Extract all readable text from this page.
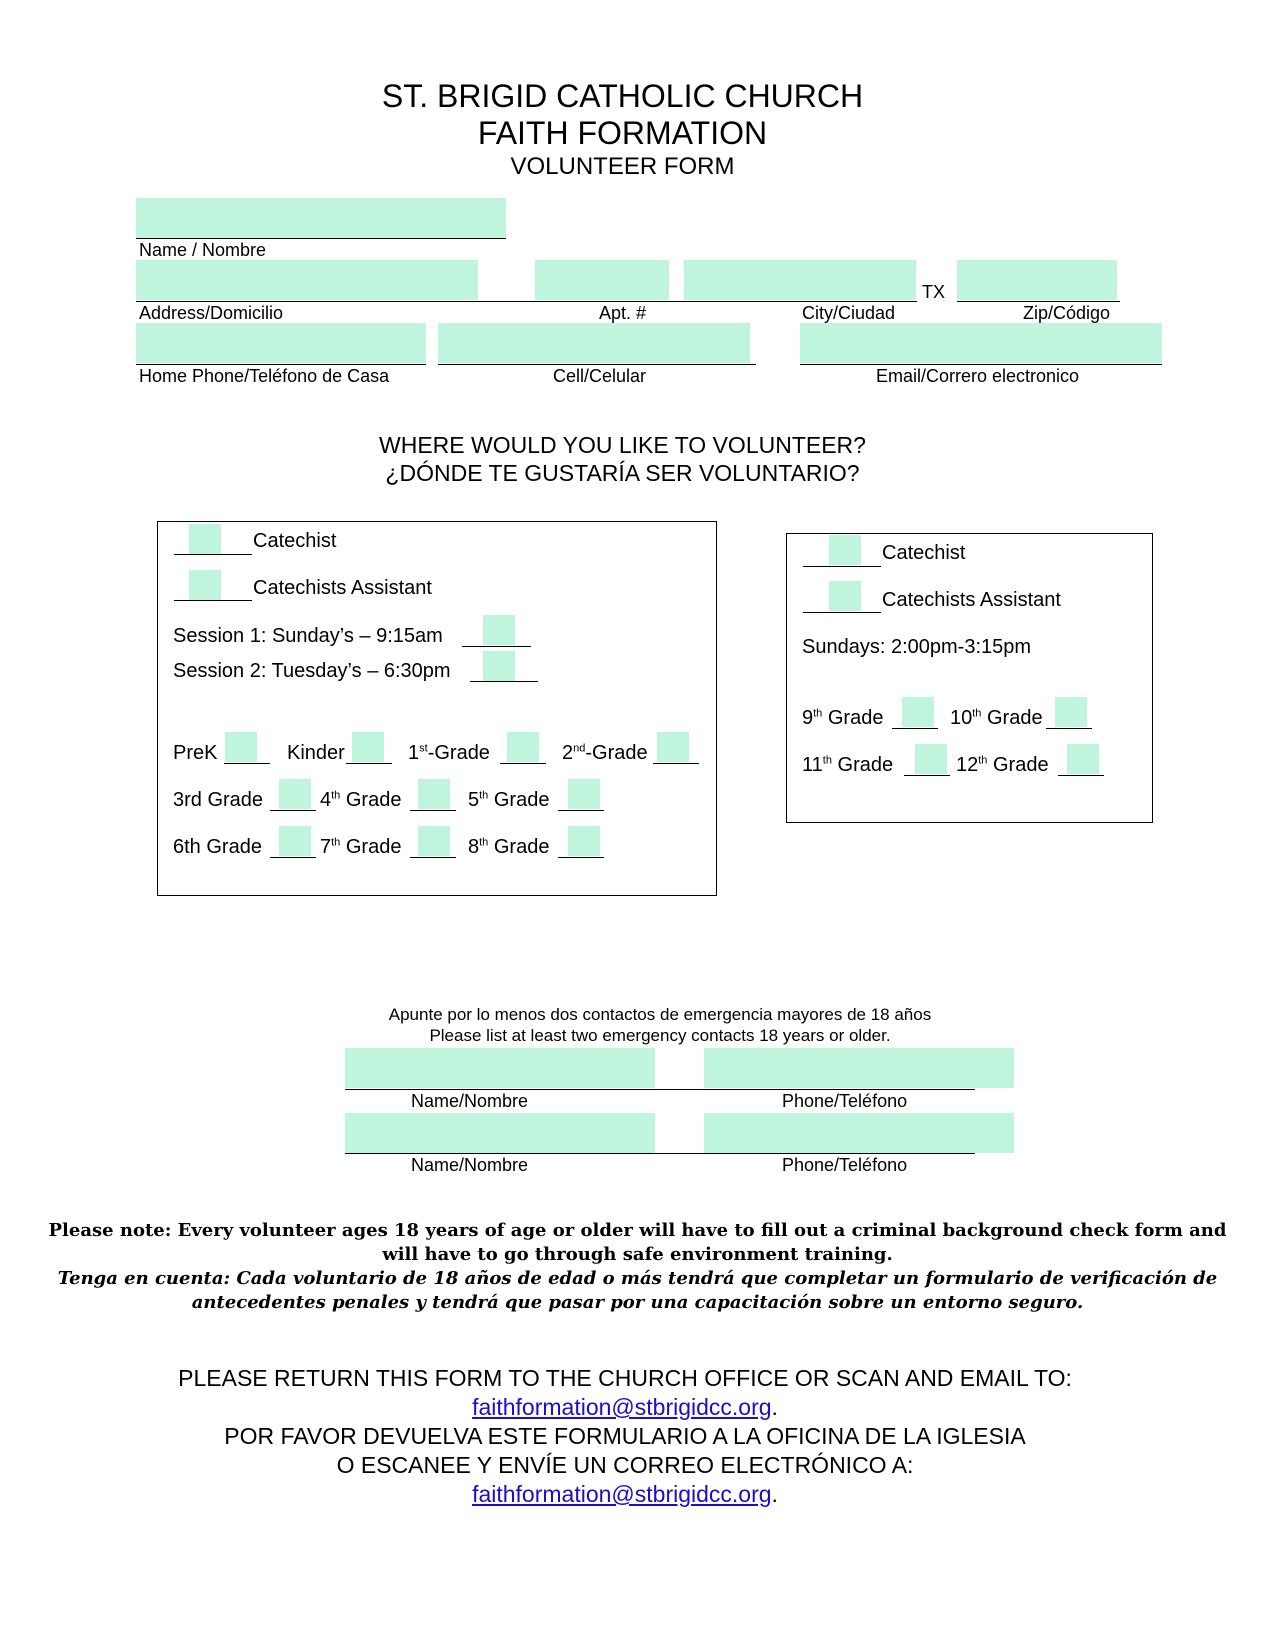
ST. BRIGID CATHOLIC CHURCH
FAITH FORMATION
VOLUNTEER FORM
Name / Nombre
TX
Address/Domicilio	Apt. #	City/Ciudad	Zip/Código
Home Phone/Teléfono de Casa	Cell/Celular	Email/Correro electronico
WHERE WOULD YOU LIKE TO VOLUNTEER?
¿DÓNDE TE GUSTARÍA SER VOLUNTARIO?
Catechist
Catechists Assistant
Session 1: Sunday’s – 9:15am
Session 2: Tuesday’s – 6:30pm
PreK	Kinder	1st-Grade	2nd-Grade
3rd Grade	4th Grade	5th Grade
6th Grade	7th Grade	8th Grade
Catechist
Catechists Assistant
Sundays: 2:00pm-3:15pm
9th Grade	10th Grade
11th Grade	12th Grade
Apunte por lo menos dos contactos de emergencia mayores de 18 años
Please list at least two emergency contacts 18 years or older.
Name/Nombre	Phone/Teléfono
Name/Nombre	Phone/Teléfono
Please note: Every volunteer ages 18 years of age or older will have to fill out a criminal background check form and will have to go through safe environment training.
Tenga en cuenta: Cada voluntario de 18 años de edad o más tendrá que completar un formulario de verificación de antecedentes penales y tendrá que pasar por una capacitación sobre un entorno seguro.
PLEASE RETURN THIS FORM TO THE CHURCH OFFICE OR SCAN AND EMAIL TO:
faithformation@stbrigidcc.org.
POR FAVOR DEVUELVA ESTE FORMULARIO A LA OFICINA DE LA IGLESIA
O ESCANEE Y ENVÍE UN CORREO ELECTRÓNICO A:
faithformation@stbrigidcc.org.
